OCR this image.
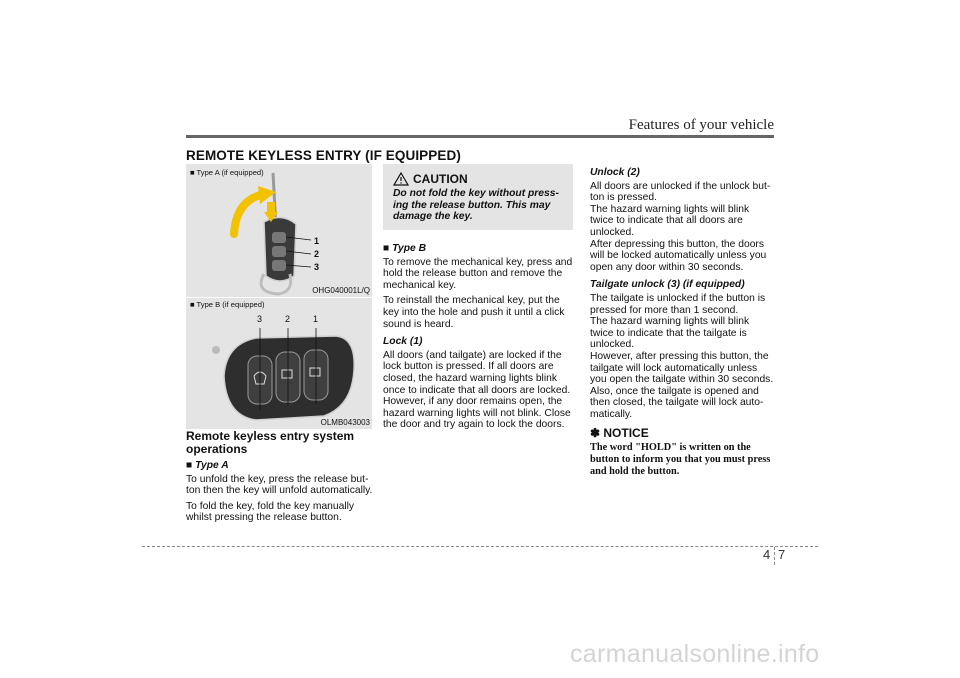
Features of your vehicle
REMOTE KEYLESS ENTRY (IF EQUIPPED)
■ Type A (if equipped)
1
2
3
OHG040001L/Q
■ Type B (if equipped)
3	2	1
OLMB043003
Remote keyless entry system operations
■ Type A

To unfold the key, press the release but-ton then the key will unfold automatically.

To fold the key, fold the key manually whilst pressing the release button.

CAUTION
Do not fold the key without press-ing the release button. This may damage the key.
■ Type B

To remove the mechanical key, press and hold the release button and remove the mechanical key.

To reinstall the mechanical key, put the key into the hole and push it until a click sound is heard.

Lock (1)

All doors (and tailgate) are locked if the lock button is pressed. If all doors are closed, the hazard warning lights blink once to indicate that all doors are locked. However, if any door remains open, the hazard warning lights will not blink. Close the door and try again to lock the doors.

Unlock (2)

All doors are unlocked if the unlock but-ton is pressed.

The hazard warning lights will blink twice to indicate that all doors are unlocked.

After depressing this button, the doors will be locked automatically unless you open any door within 30 seconds.

Tailgate unlock (3) (if equipped)

The tailgate is unlocked if the button is pressed for more than 1 second.

The hazard warning lights will blink twice to indicate that the tailgate is unlocked.

However, after pressing this button, the tailgate will lock automatically unless you open the tailgate within 30 seconds.

Also, once the tailgate is opened and then closed, the tailgate will lock auto-matically.

✽ NOTICE
The word "HOLD" is written on the button to inform you that you must press and hold the button.
4 7
carmanualsonline.info
